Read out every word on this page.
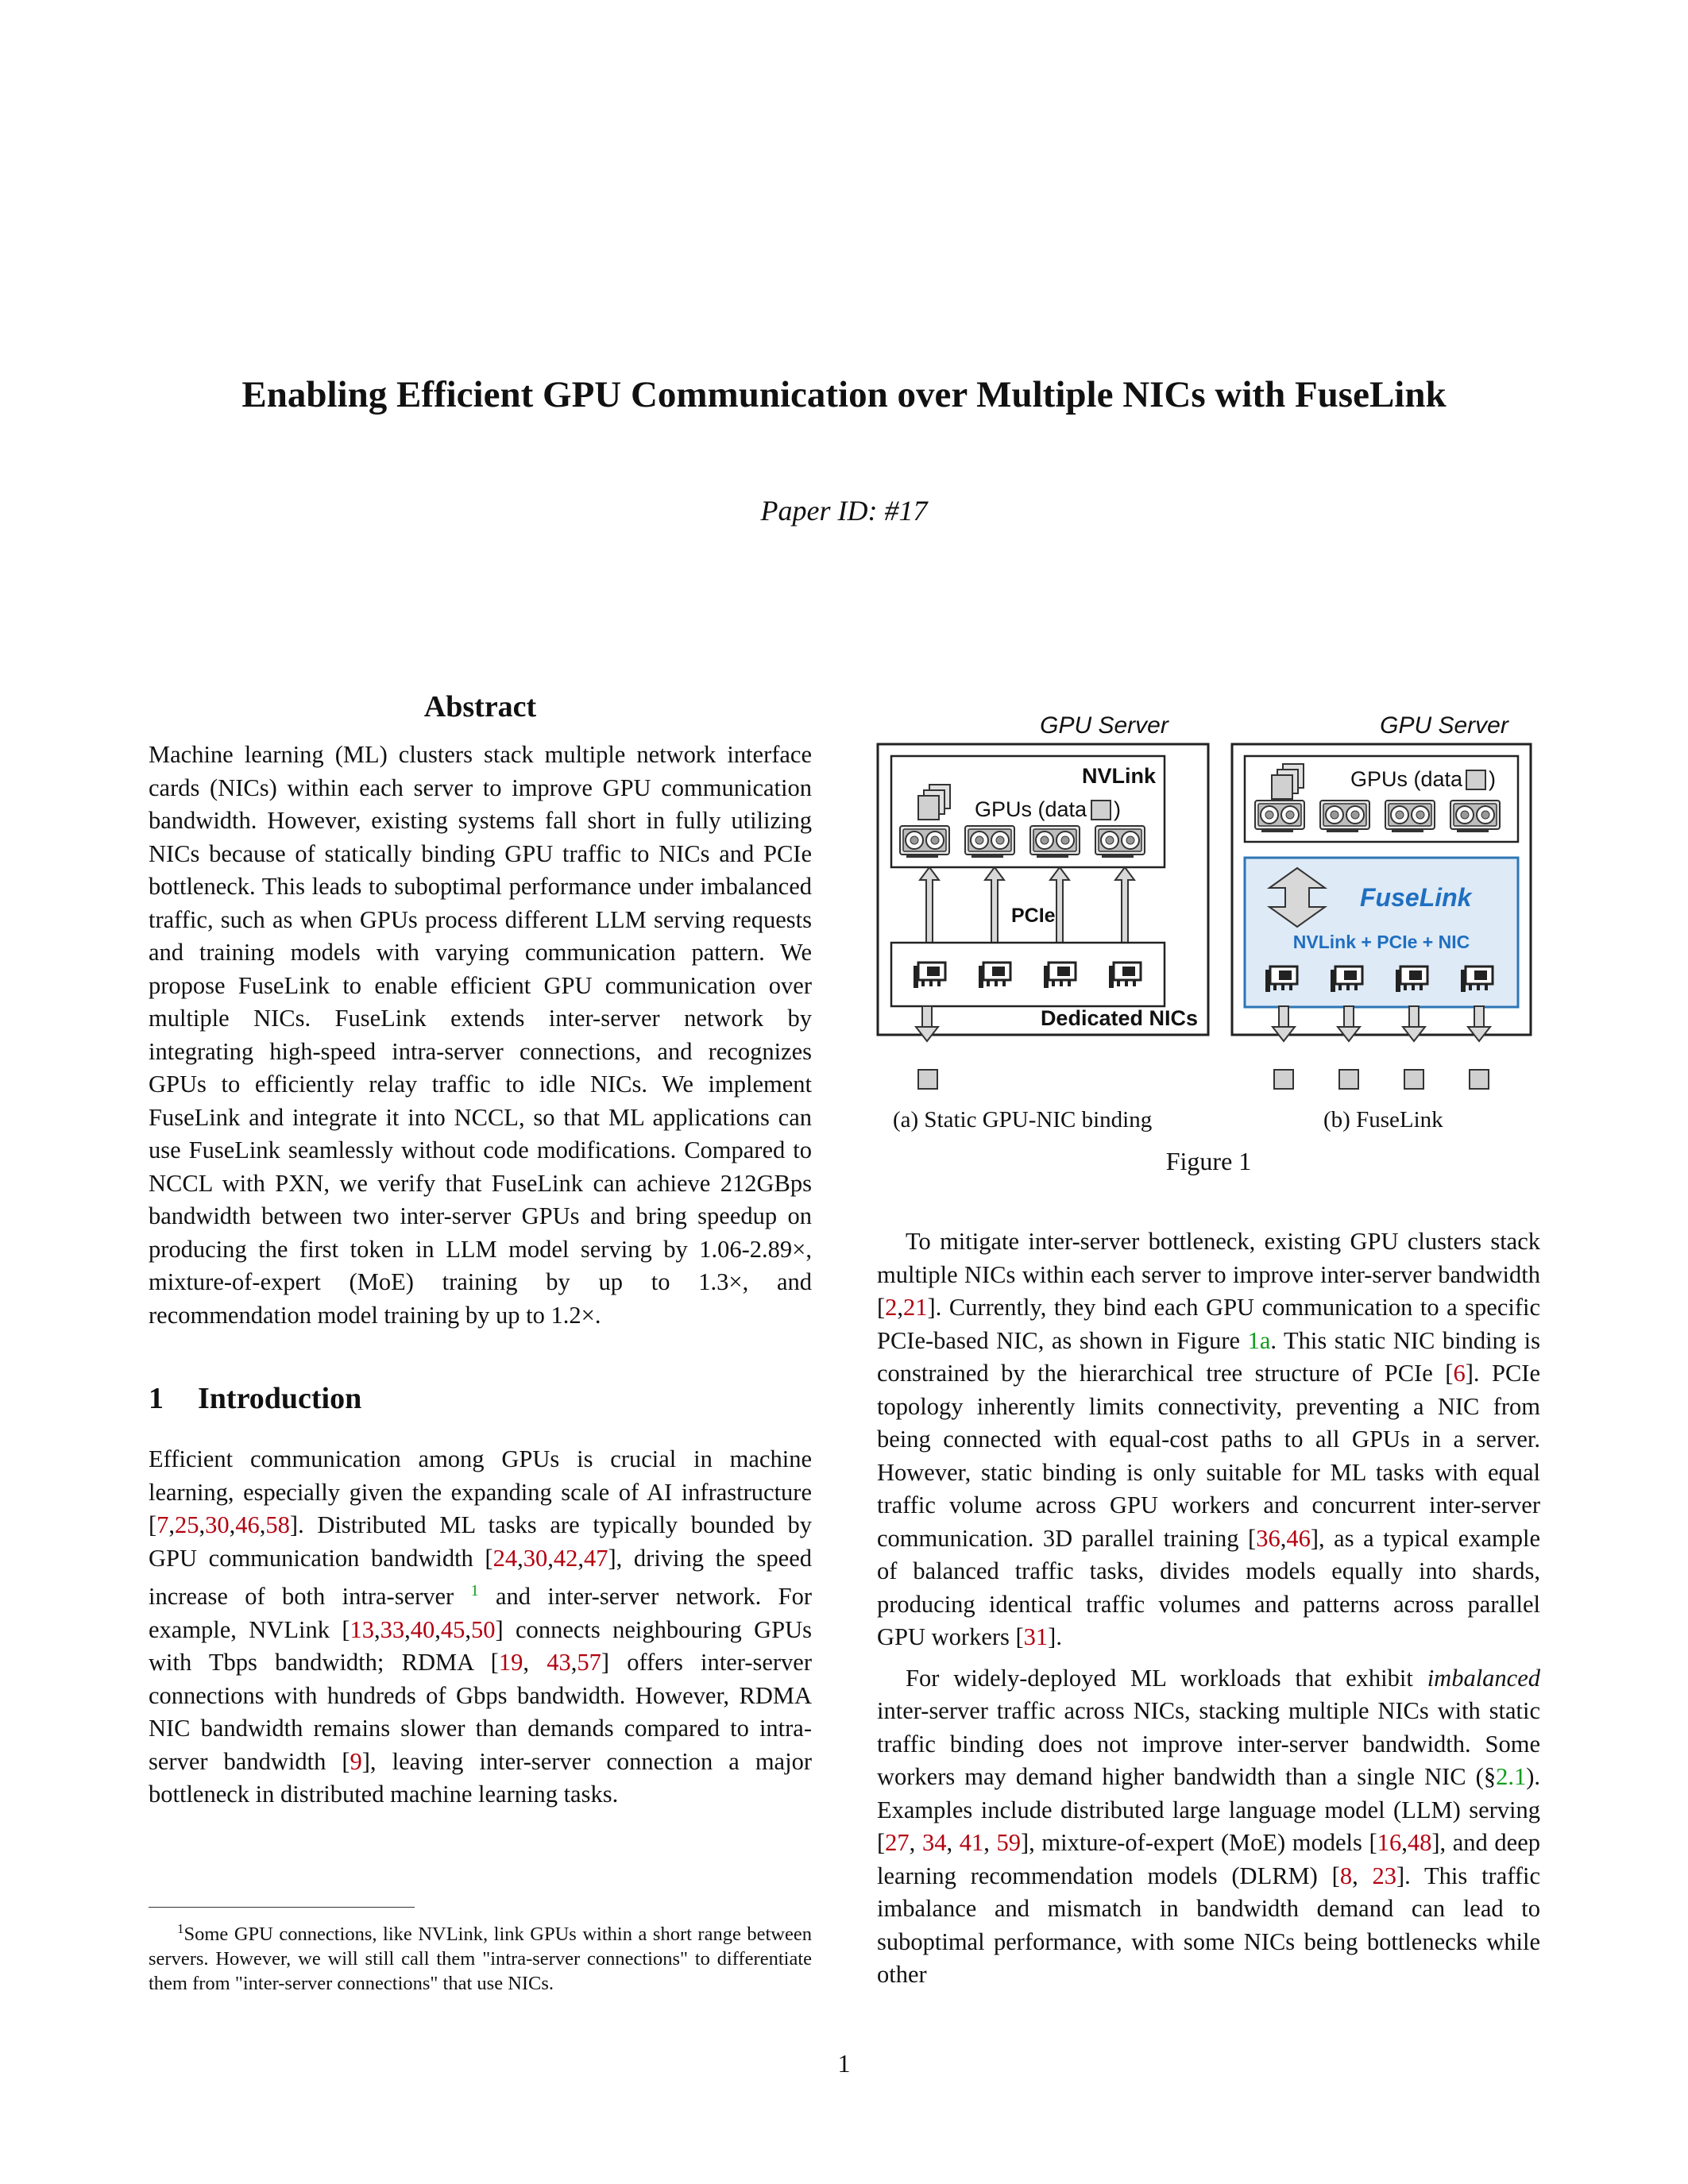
Enabling Efficient GPU Communication over Multiple NICs with FuseLink
Paper ID: #17
Abstract

Machine learning (ML) clusters stack multiple network interface cards (NICs) within each server to improve GPU communication bandwidth. However, existing systems fall short in fully utilizing NICs because of statically binding GPU traffic to NICs and PCIe bottleneck. This leads to suboptimal performance under imbalanced traffic, such as when GPUs process different LLM serving requests and training models with varying communication pattern. We propose FuseLink to enable efficient GPU communication over multiple NICs. FuseLink extends inter-server network by integrating high-speed intra-server connections, and recognizes GPUs to efficiently relay traffic to idle NICs. We implement FuseLink and integrate it into NCCL, so that ML applications can use FuseLink seamlessly without code modifications. Compared to NCCL with PXN, we verify that FuseLink can achieve 212GBps bandwidth between two inter-server GPUs and bring speedup on producing the first token in LLM model serving by 1.06-2.89×, mixture-of-expert (MoE) training by up to 1.3×, and recommendation model training by up to 1.2×.

1 Introduction

Efficient communication among GPUs is crucial in machine learning, especially given the expanding scale of AI infrastructure [7,25,30,46,58]. Distributed ML tasks are typically bounded by GPU communication bandwidth [24,30,42,47], driving the speed increase of both intra-server $^1$ and inter-server network. For example, NVLink [13,33,40,45,50] connects neighbouring GPUs with Tbps bandwidth; RDMA [19, 43,57] offers inter-server connections with hundreds of Gbps bandwidth. However, RDMA NIC bandwidth remains slower than demands compared to intra-server bandwidth [9], leaving inter-server connection a major bottleneck in distributed machine learning tasks.

$^1$Some GPU connections, like NVLink, link GPUs within a short range between servers. However, we will still call them "intra-server connections" to differentiate them from "inter-server connections" that use NICs.
GPU Server
NVLink
GPUs (data )
PCIe
Dedicated NICs
GPU Server
GPUs (data )
FuseLink
NVLink + PCIe + NIC
(a) Static GPU-NIC binding	(b) FuseLink
Figure 1

To mitigate inter-server bottleneck, existing GPU clusters stack multiple NICs within each server to improve inter-server bandwidth [2,21]. Currently, they bind each GPU communication to a specific PCIe-based NIC, as shown in Figure 1a. This static NIC binding is constrained by the hierarchical tree structure of PCIe [6]. PCIe topology inherently limits connectivity, preventing a NIC from being connected with equal-cost paths to all GPUs in a server. However, static binding is only suitable for ML tasks with equal traffic volume across GPU workers and concurrent inter-server communication. 3D parallel training [36,46], as a typical example of balanced traffic tasks, divides models equally into shards, producing identical traffic volumes and patterns across parallel GPU workers [31].

For widely-deployed ML workloads that exhibit imbalanced inter-server traffic across NICs, stacking multiple NICs with static traffic binding does not improve inter-server bandwidth. Some workers may demand higher bandwidth than a single NIC (§2.1). Examples include distributed large language model (LLM) serving [27, 34, 41, 59], mixture-of-expert (MoE) models [16,48], and deep learning recommendation models (DLRM) [8, 23]. This traffic imbalance and mismatch in bandwidth demand can lead to suboptimal performance, with some NICs being bottlenecks while other

1
